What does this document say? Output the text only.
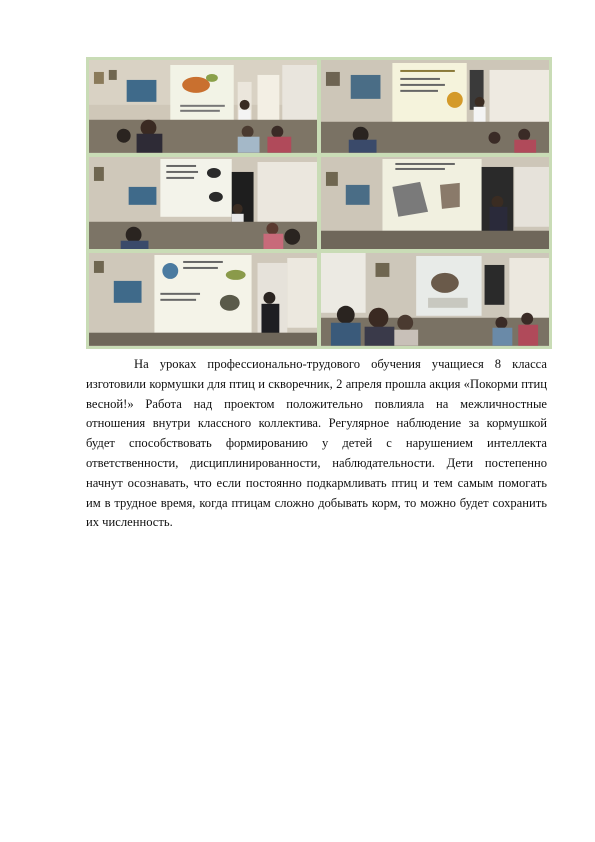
На уроках профессионально-трудового обучения учащиеся 8 класса изготовили кормушки для птиц и скворечник, 2 апреля прошла акция «Покорми птиц весной!» Работа над проектом положительно повлияла на межличностные отношения внутри классного коллектива. Регулярное наблюдение за кормушкой будет способствовать формированию у детей с нарушением интеллекта ответственности, дисциплинированности, наблюдательности. Дети постепенно начнут осознавать, что если постоянно подкармливать птиц и тем самым помогать им в трудное время, когда птицам сложно добывать корм, то можно будет сохранить их численность.
